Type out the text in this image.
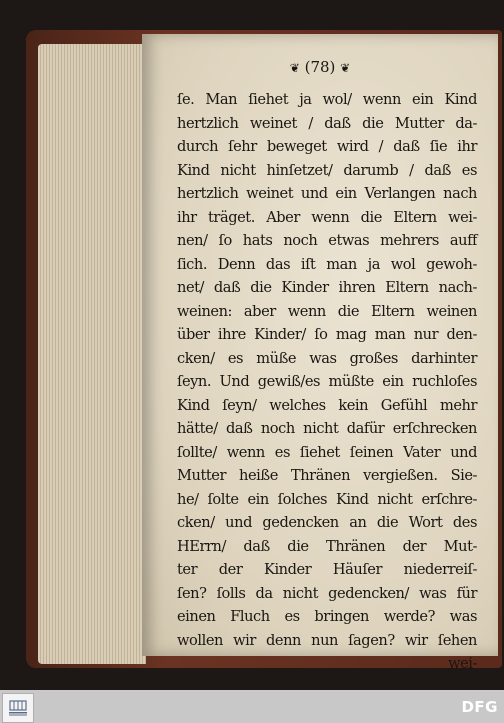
❦ (78) ❦
ſe. Man ſiehet ja wol/ wenn ein Kind
hertzlich weinet / daß die Mutter da-
durch ſehr beweget wird / daß ſie ihr
Kind nicht hinſetzet/ darumb / daß es
hertzlich weinet und ein Verlangen nach
ihr träget. Aber wenn die Eltern wei-
nen/ ſo hats noch etwas mehrers auff
ſich. Denn das iſt man ja wol gewoh-
net/ daß die Kinder ihren Eltern nach-
weinen: aber wenn die Eltern weinen
über ihre Kinder/ ſo mag man nur den-
cken/ es müße was großes darhinter
ſeyn. Und gewiß/es müßte ein ruchloſes
Kind ſeyn/ welches kein Gefühl mehr
hätte/ daß noch nicht dafür erſchrecken
ſollte/ wenn es ſiehet ſeinen Vater und
Mutter heiße Thränen vergießen. Sie-
he/ ſolte ein ſolches Kind nicht erſchre-
cken/ und gedencken an die Wort des
HErrn/ daß die Thränen der Mut-
ter der Kinder Häuſer niederreiſ-
ſen? ſolls da nicht gedencken/ was für
einen Fluch es bringen werde? was
wollen wir denn nun ſagen? wir ſehen
wei-
DFG
